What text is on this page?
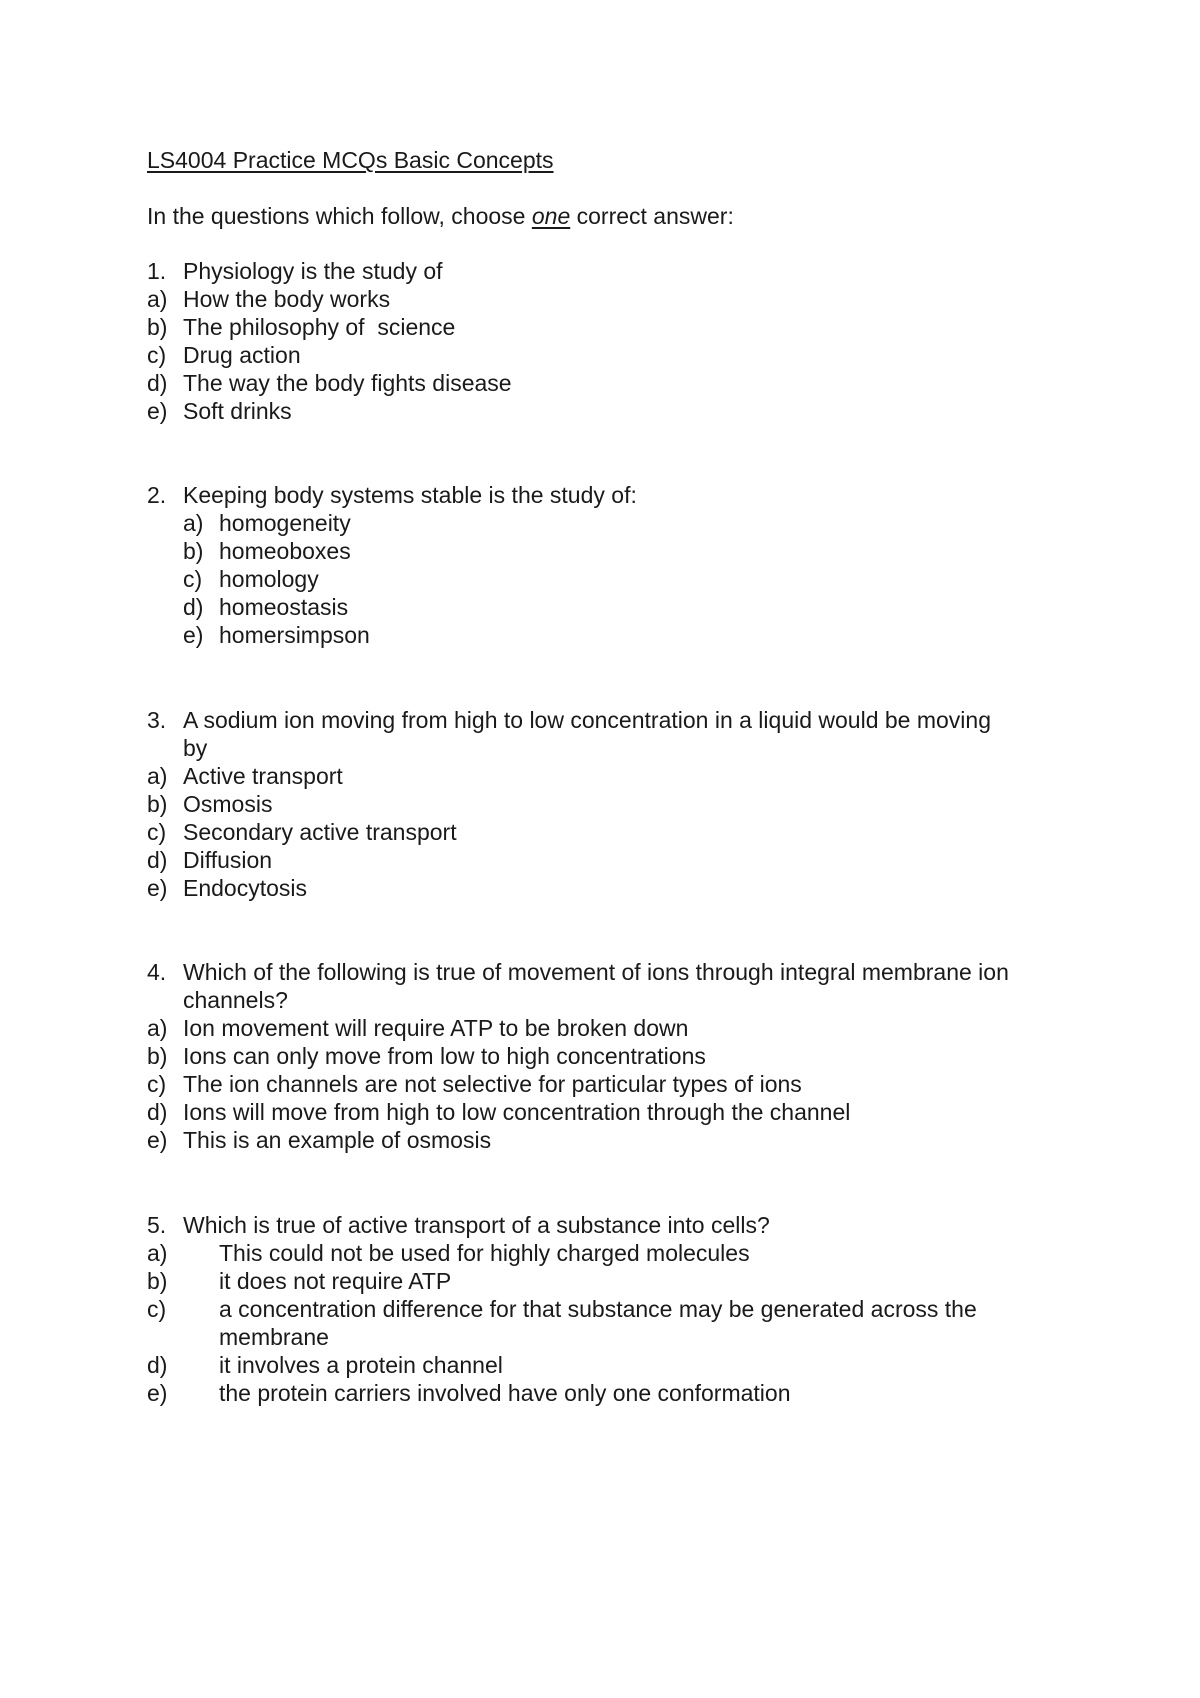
LS4004 Practice MCQs Basic Concepts
In the questions which follow, choose one correct answer:
1. Physiology is the study of
a) How the body works
b) The philosophy of  science
c) Drug action
d) The way the body fights disease
e) Soft drinks
2. Keeping body systems stable is the study of:
a) homogeneity
b) homeoboxes
c) homology
d) homeostasis
e) homersimpson
3. A sodium ion moving from high to low concentration in a liquid would be moving
by
a) Active transport
b) Osmosis
c) Secondary active transport
d) Diffusion
e) Endocytosis
4. Which of the following is true of movement of ions through integral membrane ion
channels?
a) Ion movement will require ATP to be broken down
b) Ions can only move from low to high concentrations
c) The ion channels are not selective for particular types of ions
d) Ions will move from high to low concentration through the channel
e) This is an example of osmosis
5. Which is true of active transport of a substance into cells?
a) This could not be used for highly charged molecules
b) it does not require ATP
c) a concentration difference for that substance may be generated across the
membrane
d) it involves a protein channel
e) the protein carriers involved have only one conformation
